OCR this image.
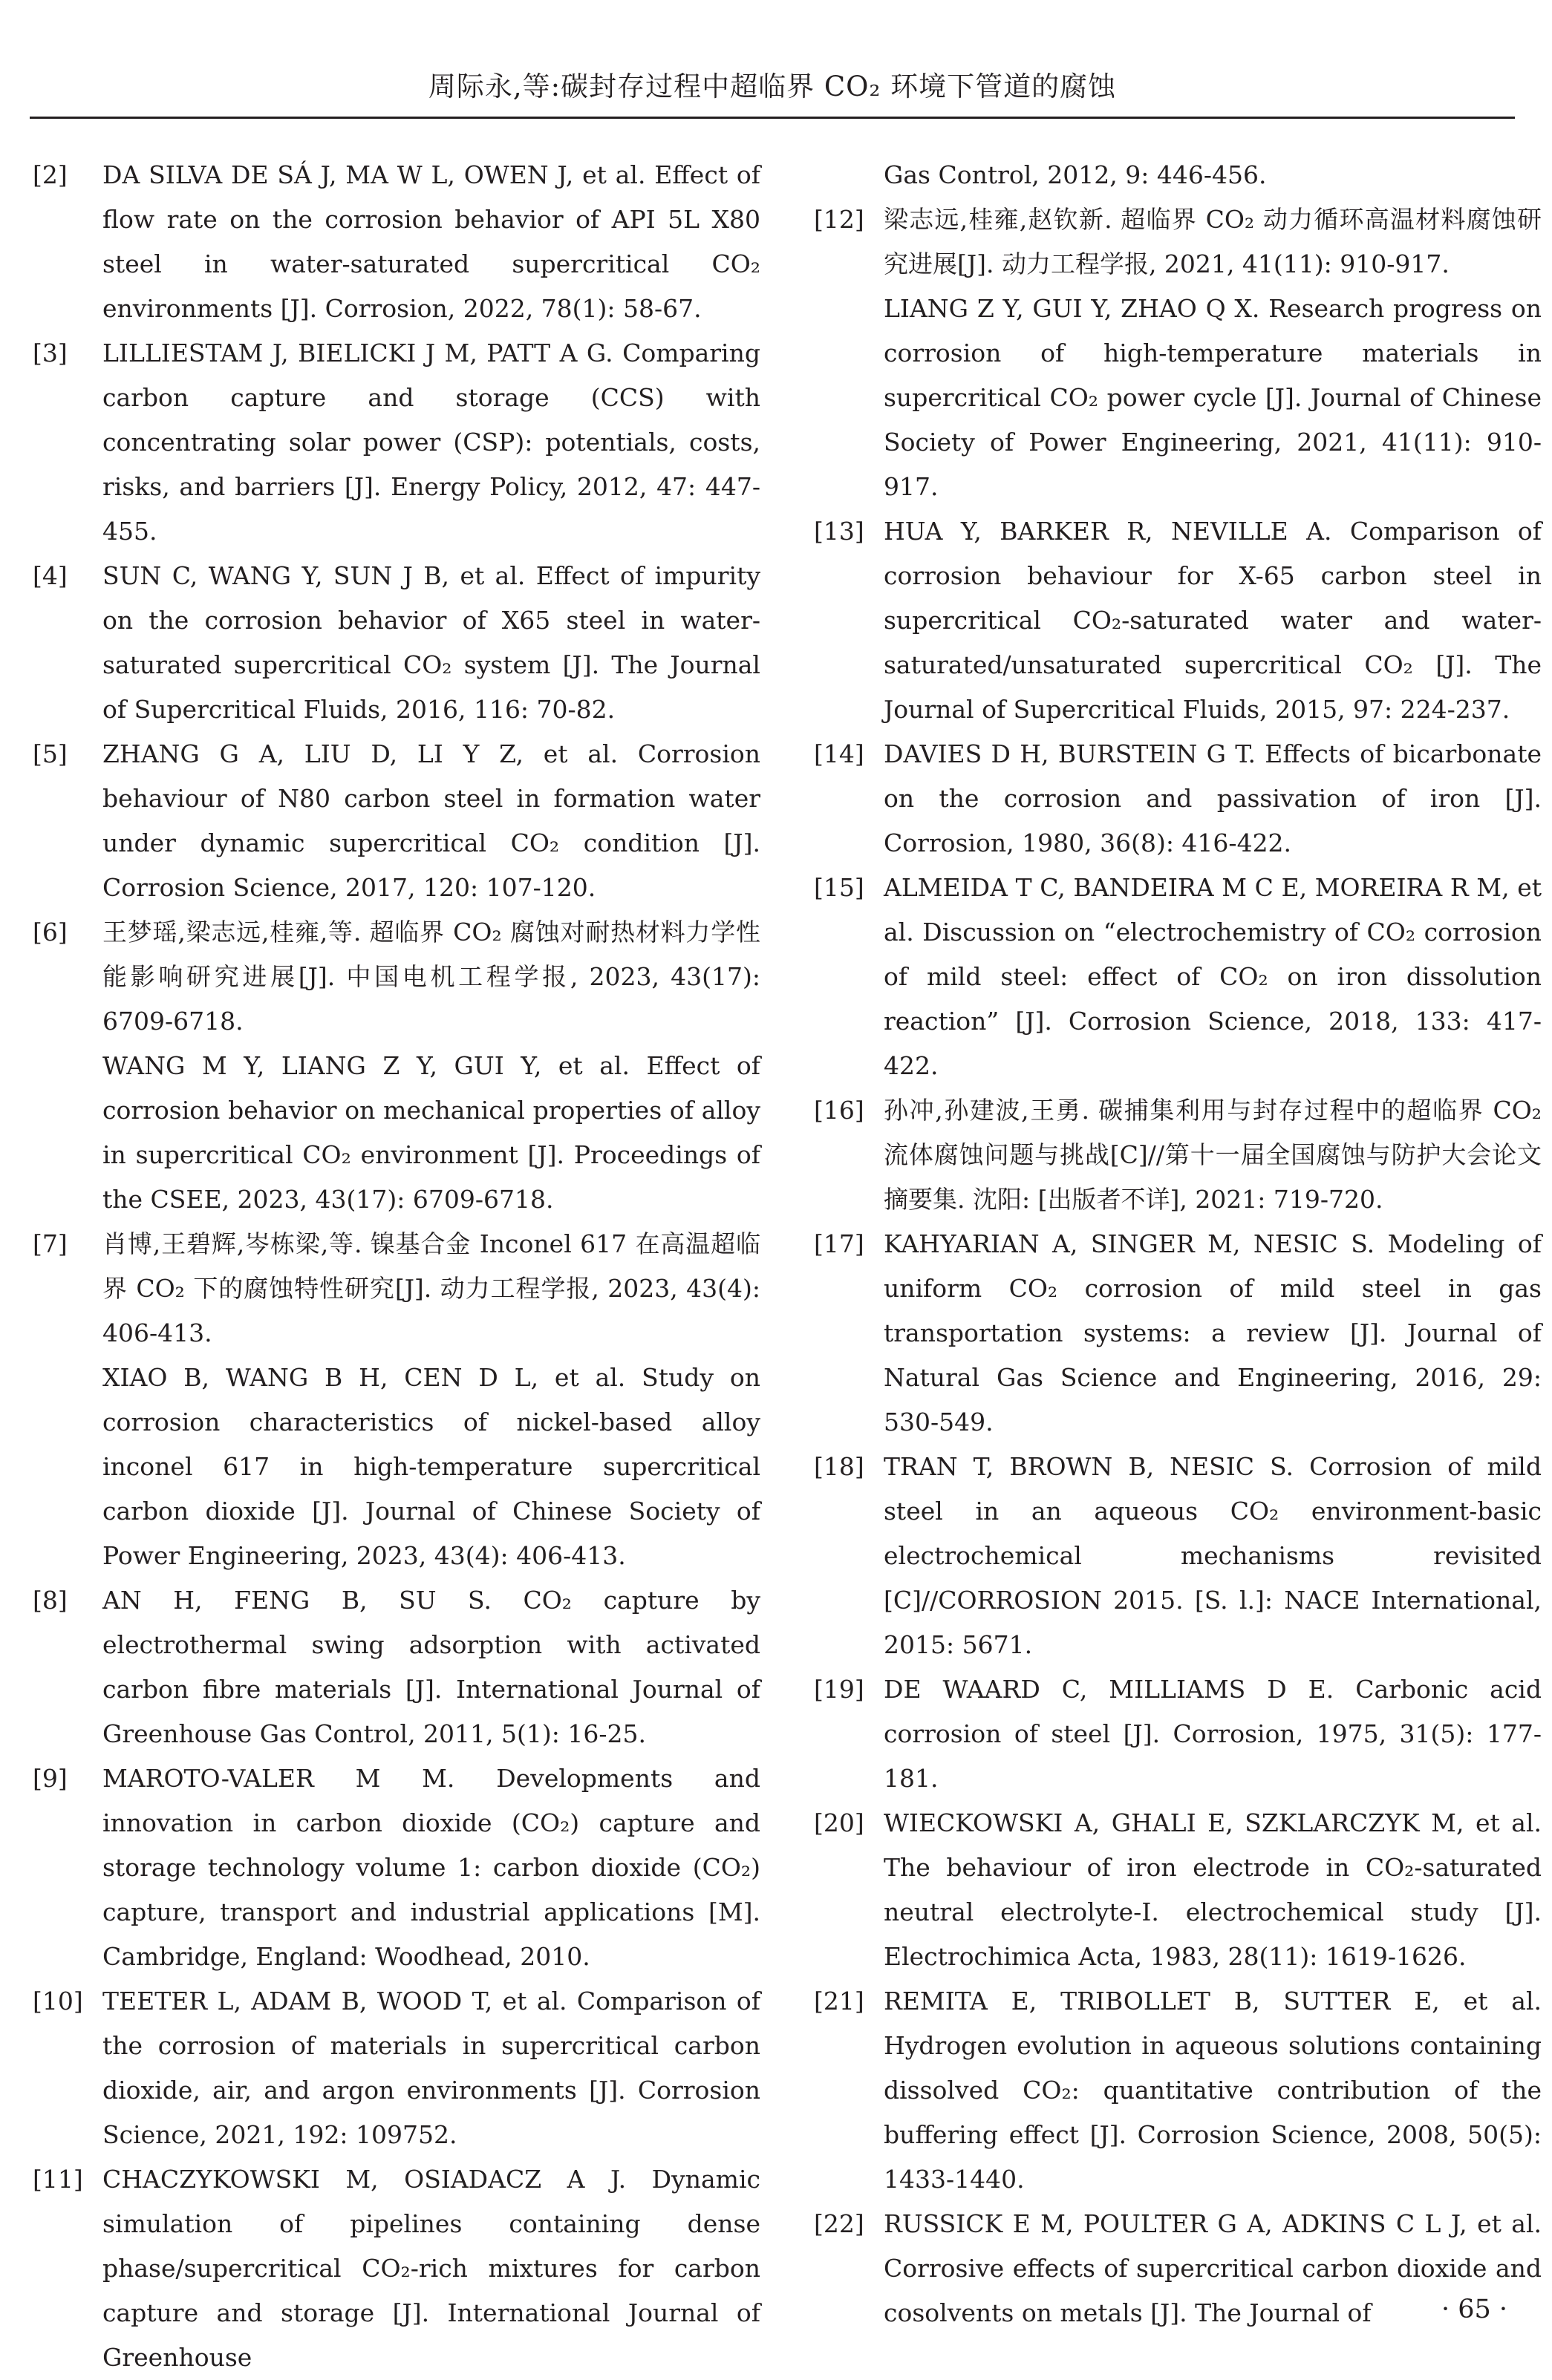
周际永,等:碳封存过程中超临界 CO₂ 环境下管道的腐蚀
[2] DA SILVA DE SÁ J, MA W L, OWEN J, et al. Effect of flow rate on the corrosion behavior of API 5L X80 steel in water-saturated supercritical CO₂ environments [J]. Corrosion, 2022, 78(1): 58-67.

[3] LILLIESTAM J, BIELICKI J M, PATT A G. Comparing carbon capture and storage (CCS) with concentrating solar power (CSP): potentials, costs, risks, and barriers [J]. Energy Policy, 2012, 47: 447-455.

[4] SUN C, WANG Y, SUN J B, et al. Effect of impurity on the corrosion behavior of X65 steel in water-saturated supercritical CO₂ system [J]. The Journal of Supercritical Fluids, 2016, 116: 70-82.

[5] ZHANG G A, LIU D, LI Y Z, et al. Corrosion behaviour of N80 carbon steel in formation water under dynamic supercritical CO₂ condition [J]. Corrosion Science, 2017, 120: 107-120.

[6] 王梦瑶,梁志远,桂雍,等. 超临界 CO₂ 腐蚀对耐热材料力学性能影响研究进展[J]. 中国电机工程学报, 2023, 43(17): 6709-6718.

WANG M Y, LIANG Z Y, GUI Y, et al. Effect of corrosion behavior on mechanical properties of alloy in supercritical CO₂ environment [J]. Proceedings of the CSEE, 2023, 43(17): 6709-6718.

[7] 肖博,王碧辉,岑栋梁,等. 镍基合金 Inconel 617 在高温超临界 CO₂ 下的腐蚀特性研究[J]. 动力工程学报, 2023, 43(4): 406-413.

XIAO B, WANG B H, CEN D L, et al. Study on corrosion characteristics of nickel-based alloy inconel 617 in high-temperature supercritical carbon dioxide [J]. Journal of Chinese Society of Power Engineering, 2023, 43(4): 406-413.

[8] AN H, FENG B, SU S. CO₂ capture by electrothermal swing adsorption with activated carbon fibre materials [J]. International Journal of Greenhouse Gas Control, 2011, 5(1): 16-25.

[9] MAROTO-VALER M M. Developments and innovation in carbon dioxide (CO₂) capture and storage technology volume 1: carbon dioxide (CO₂) capture, transport and industrial applications [M]. Cambridge, England: Woodhead, 2010.

[10] TEETER L, ADAM B, WOOD T, et al. Comparison of the corrosion of materials in supercritical carbon dioxide, air, and argon environments [J]. Corrosion Science, 2021, 192: 109752.

[11] CHACZYKOWSKI M, OSIADACZ A J. Dynamic simulation of pipelines containing dense phase/supercritical CO₂-rich mixtures for carbon capture and storage [J]. International Journal of Greenhouse

Gas Control, 2012, 9: 446-456.

[12] 梁志远,桂雍,赵钦新. 超临界 CO₂ 动力循环高温材料腐蚀研究进展[J]. 动力工程学报, 2021, 41(11): 910-917.

LIANG Z Y, GUI Y, ZHAO Q X. Research progress on corrosion of high-temperature materials in supercritical CO₂ power cycle [J]. Journal of Chinese Society of Power Engineering, 2021, 41(11): 910-917.

[13] HUA Y, BARKER R, NEVILLE A. Comparison of corrosion behaviour for X-65 carbon steel in supercritical CO₂-saturated water and water-saturated/unsaturated supercritical CO₂ [J]. The Journal of Supercritical Fluids, 2015, 97: 224-237.

[14] DAVIES D H, BURSTEIN G T. Effects of bicarbonate on the corrosion and passivation of iron [J]. Corrosion, 1980, 36(8): 416-422.

[15] ALMEIDA T C, BANDEIRA M C E, MOREIRA R M, et al. Discussion on “electrochemistry of CO₂ corrosion of mild steel: effect of CO₂ on iron dissolution reaction” [J]. Corrosion Science, 2018, 133: 417-422.

[16] 孙冲,孙建波,王勇. 碳捕集利用与封存过程中的超临界 CO₂ 流体腐蚀问题与挑战[C]//第十一届全国腐蚀与防护大会论文摘要集. 沈阳: [出版者不详], 2021: 719-720.

[17] KAHYARIAN A, SINGER M, NESIC S. Modeling of uniform CO₂ corrosion of mild steel in gas transportation systems: a review [J]. Journal of Natural Gas Science and Engineering, 2016, 29: 530-549.

[18] TRAN T, BROWN B, NESIC S. Corrosion of mild steel in an aqueous CO₂ environment-basic electrochemical mechanisms revisited [C]//CORROSION 2015. [S. l.]: NACE International, 2015: 5671.

[19] DE WAARD C, MILLIAMS D E. Carbonic acid corrosion of steel [J]. Corrosion, 1975, 31(5): 177-181.

[20] WIECKOWSKI A, GHALI E, SZKLARCZYK M, et al. The behaviour of iron electrode in CO₂-saturated neutral electrolyte-I. electrochemical study [J]. Electrochimica Acta, 1983, 28(11): 1619-1626.

[21] REMITA E, TRIBOLLET B, SUTTER E, et al. Hydrogen evolution in aqueous solutions containing dissolved CO₂: quantitative contribution of the buffering effect [J]. Corrosion Science, 2008, 50(5): 1433-1440.

[22] RUSSICK E M, POULTER G A, ADKINS C L J, et al. Corrosive effects of supercritical carbon dioxide and cosolvents on metals [J]. The Journal of	· 65 ·
